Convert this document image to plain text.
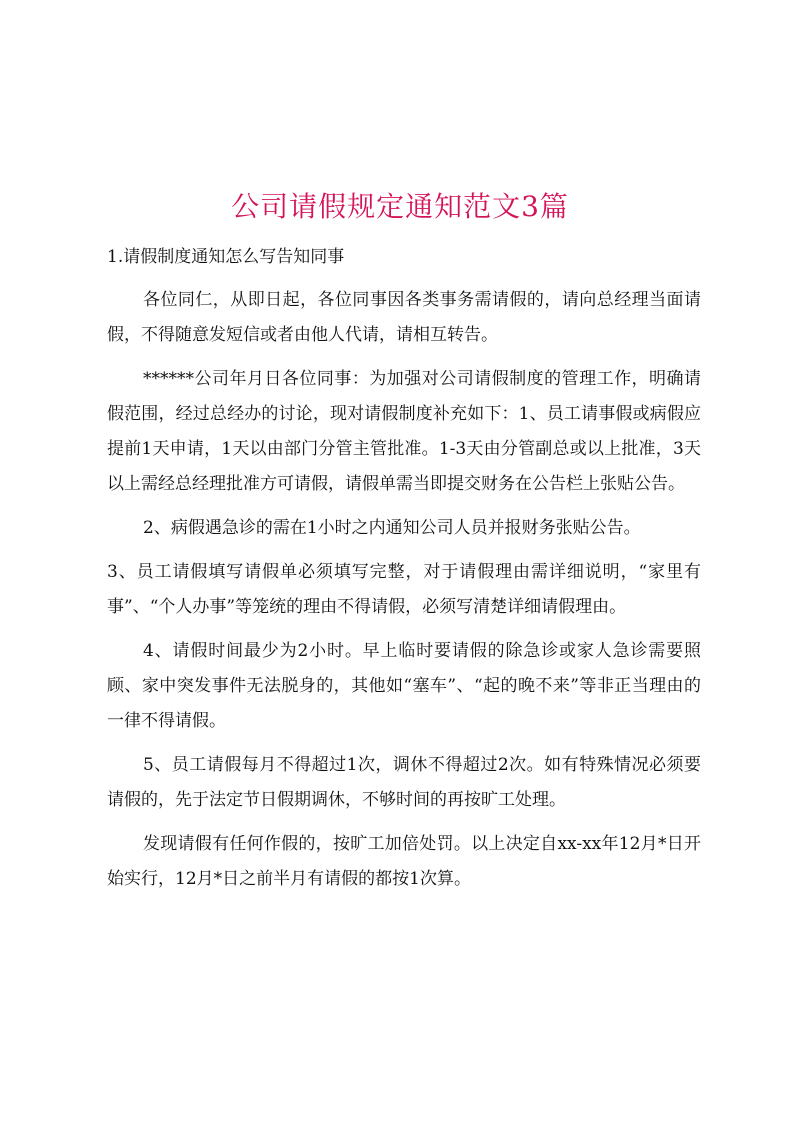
公司请假规定通知范文3篇

1.请假制度通知怎么写告知同事

各位同仁，从即日起，各位同事因各类事务需请假的，请向总经理当面请假，不得随意发短信或者由他人代请，请相互转告。

******公司年月日各位同事：为加强对公司请假制度的管理工作，明确请假范围，经过总经办的讨论，现对请假制度补充如下：1、员工请事假或病假应提前1天申请，1天以由部门分管主管批准。1-3天由分管副总或以上批准，3天以上需经总经理批准方可请假，请假单需当即提交财务在公告栏上张贴公告。

2、病假遇急诊的需在1小时之内通知公司人员并报财务张贴公告。

3、员工请假填写请假单必须填写完整，对于请假理由需详细说明，“家里有事”、“个人办事”等笼统的理由不得请假，必须写清楚详细请假理由。

4、请假时间最少为2小时。早上临时要请假的除急诊或家人急诊需要照顾、家中突发事件无法脱身的，其他如“塞车”、“起的晚不来”等非正当理由的一律不得请假。

5、员工请假每月不得超过1次，调休不得超过2次。如有特殊情况必须要请假的，先于法定节日假期调休，不够时间的再按旷工处理。

发现请假有任何作假的，按旷工加倍处罚。以上决定自xx-xx年12月*日开始实行，12月*日之前半月有请假的都按1次算。
